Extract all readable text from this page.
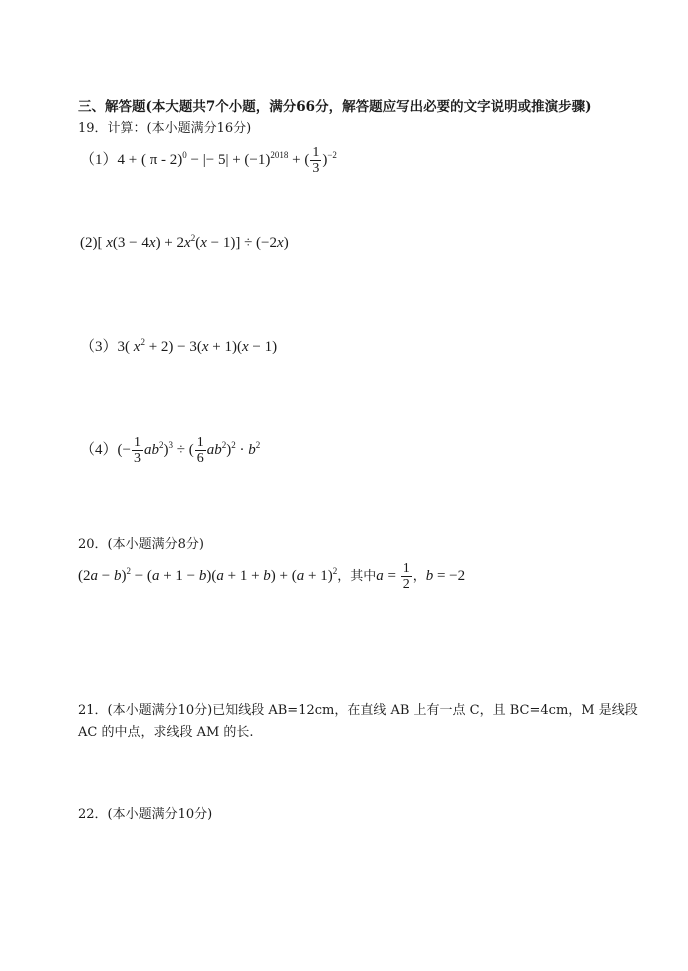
三、解答题(本大题共7个小题，满分66分，解答题应写出必要的文字说明或推演步骤)
19．计算：(本小题满分16分)
（1）4 + ( π - 2)$^0$ − |− $5| + (-1)^{2018}$ + ( $\frac{1}{3} )^{-2}$
(2)[ $x(3 - 4x) + 2x^2(x - 1)] \div (-2x)$
（3）3( $x^2 + 2) - 3(x + 1)(x - 1)$
$(4)(- \frac{1}{3} ab^2)^3$ ÷ ( $\frac{1}{6} ab^2)^2 \cdot b^2$
20．(本小题满分8分)
$(2a - b)^2 - (a + 1 - b)(a + 1 + b) + (a + 1)^2$，其中$a = \frac{1}{2}$ ，b = −2
21．(本小题满分10分)已知线段 AB=12cm，在直线 AB 上有一点 C，且 BC=4cm，M 是线段
AC 的中点，求线段 AM 的长.
22．(本小题满分10分)
